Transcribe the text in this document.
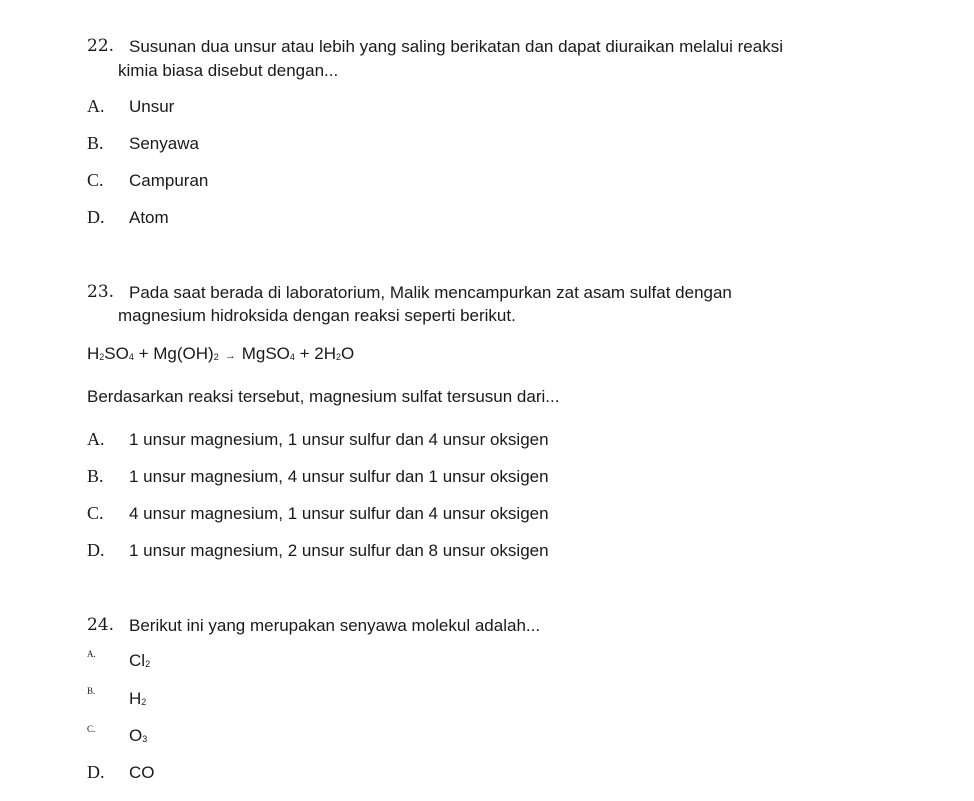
22. Susunan dua unsur atau lebih yang saling berikatan dan dapat diuraikan melalui reaksi
kimia biasa disebut dengan...
A. Unsur
B. Senyawa
C. Campuran
D. Atom
23. Pada saat berada di laboratorium, Malik mencampurkan zat asam sulfat dengan
magnesium hidroksida dengan reaksi seperti berikut.
$H_2SO_4 + Mg(OH)_2$ → MgSO$_4$ + $2H_2O$
Berdasarkan reaksi tersebut, magnesium sulfat tersusun dari...
A. 1 unsur magnesium, 1 unsur sulfur dan 4 unsur oksigen
B. 1 unsur magnesium, 4 unsur sulfur dan 1 unsur oksigen
C. 4 unsur magnesium, 1 unsur sulfur dan 4 unsur oksigen
D. 1 unsur magnesium, 2 unsur sulfur dan 8 unsur oksigen
24. Berikut ini yang merupakan senyawa molekul adalah...
A. $Cl_2$
B. $H_2$
C. $O_3$
D. CO
